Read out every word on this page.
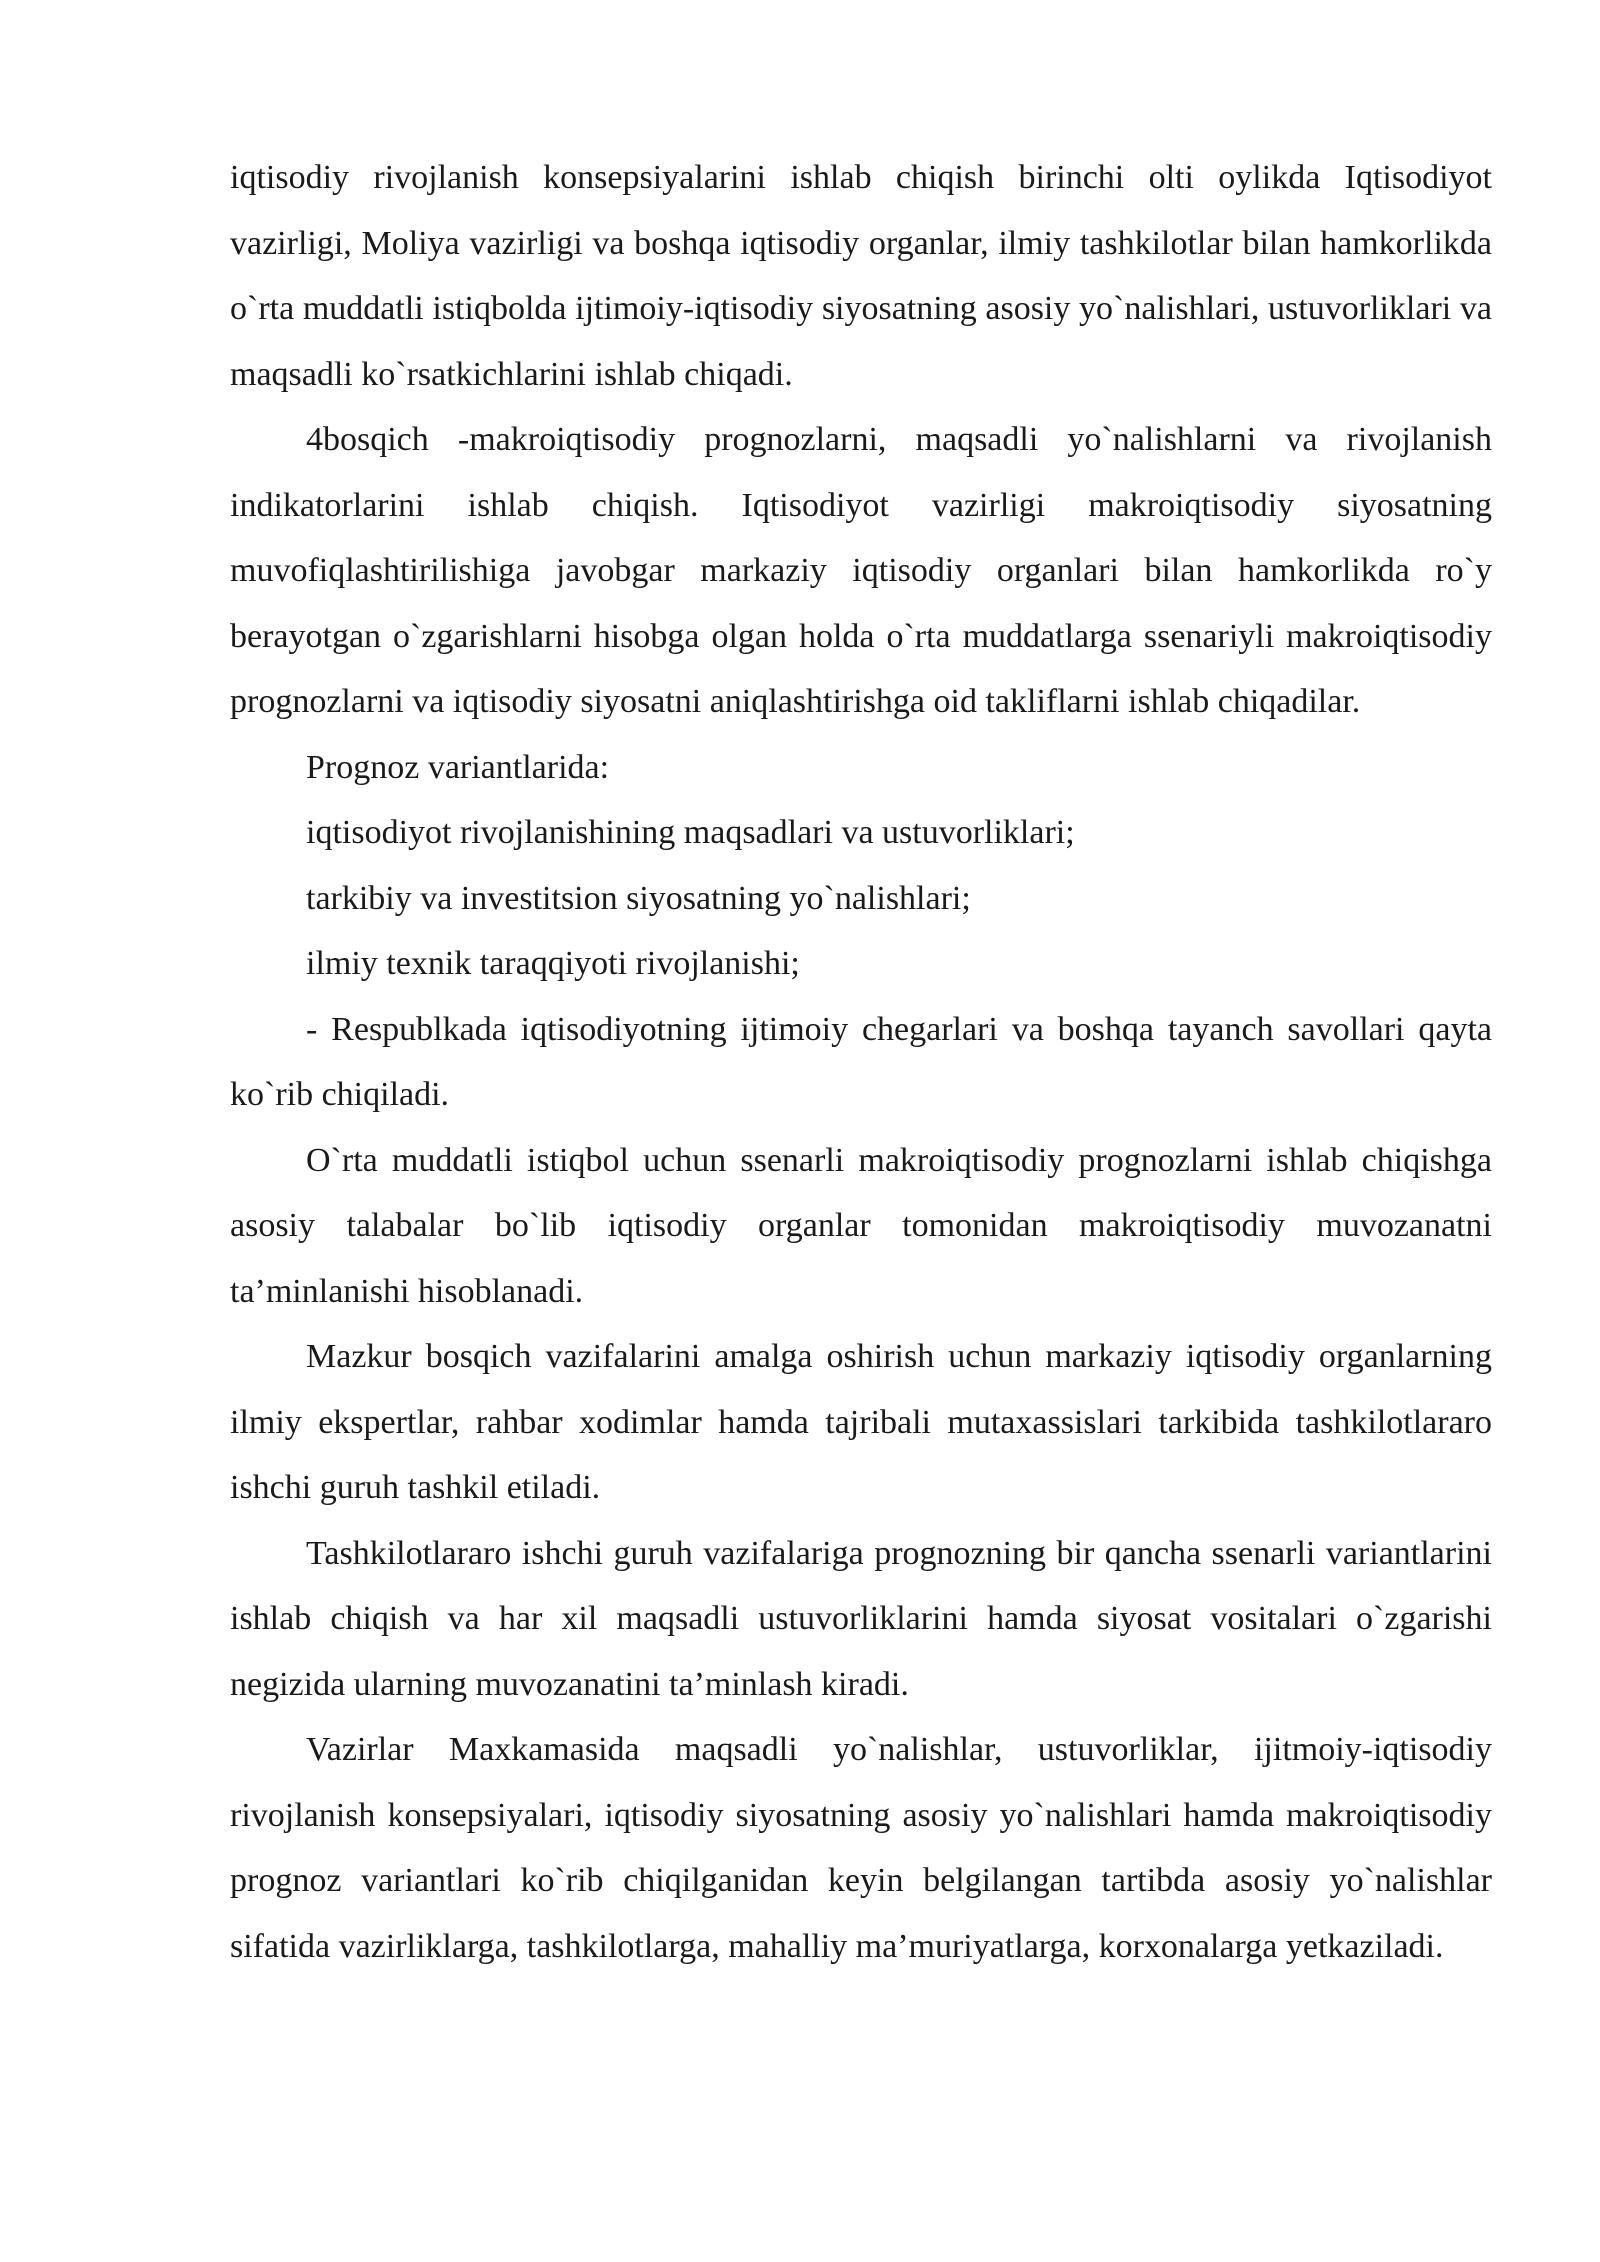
iqtisodiy rivojlanish konsepsiyalarini ishlab chiqish birinchi olti oylikda Iqtisodiyot vazirligi, Moliya vazirligi va boshqa iqtisodiy organlar, ilmiy tashkilotlar bilan hamkorlikda o`rta muddatli istiqbolda ijtimoiy-iqtisodiy siyosatning asosiy yo`nalishlari, ustuvorliklari va maqsadli ko`rsatkichlarini ishlab chiqadi.

4bosqich -makroiqtisodiy prognozlarni, maqsadli yo`nalishlarni va rivojlanish indikatorlarini ishlab chiqish. Iqtisodiyot vazirligi makroiqtisodiy siyosatning muvofiqlashtirilishiga javobgar markaziy iqtisodiy organlari bilan hamkorlikda ro`y berayotgan o`zgarishlarni hisobga olgan holda o`rta muddatlarga ssenariyli makroiqtisodiy prognozlarni va iqtisodiy siyosatni aniqlashtirishga oid takliflarni ishlab chiqadilar.

Prognoz variantlarida:

iqtisodiyot rivojlanishining maqsadlari va ustuvorliklari;

tarkibiy va investitsion siyosatning yo`nalishlari;

ilmiy texnik taraqqiyoti rivojlanishi;

- Respublkada iqtisodiyotning ijtimoiy chegarlari va boshqa tayanch savollari qayta ko`rib chiqiladi.

O`rta muddatli istiqbol uchun ssenarli makroiqtisodiy prognozlarni ishlab chiqishga asosiy talabalar bo`lib iqtisodiy organlar tomonidan makroiqtisodiy muvozanatni ta’minlanishi hisoblanadi.

Mazkur bosqich vazifalarini amalga oshirish uchun markaziy iqtisodiy organlarning ilmiy ekspertlar, rahbar xodimlar hamda tajribali mutaxassislari tarkibida tashkilotlararo ishchi guruh tashkil etiladi.

Tashkilotlararo ishchi guruh vazifalariga prognozning bir qancha ssenarli variantlarini ishlab chiqish va har xil maqsadli ustuvorliklarini hamda siyosat vositalari o`zgarishi negizida ularning muvozanatini ta’minlash kiradi.

Vazirlar Maxkamasida maqsadli yo`nalishlar, ustuvorliklar, ijitmoiy-iqtisodiy rivojlanish konsepsiyalari, iqtisodiy siyosatning asosiy yo`nalishlari hamda makroiqtisodiy prognoz variantlari ko`rib chiqilganidan keyin belgilangan tartibda asosiy yo`nalishlar sifatida vazirliklarga, tashkilotlarga, mahalliy ma’muriyatlarga, korxonalarga yetkaziladi.
